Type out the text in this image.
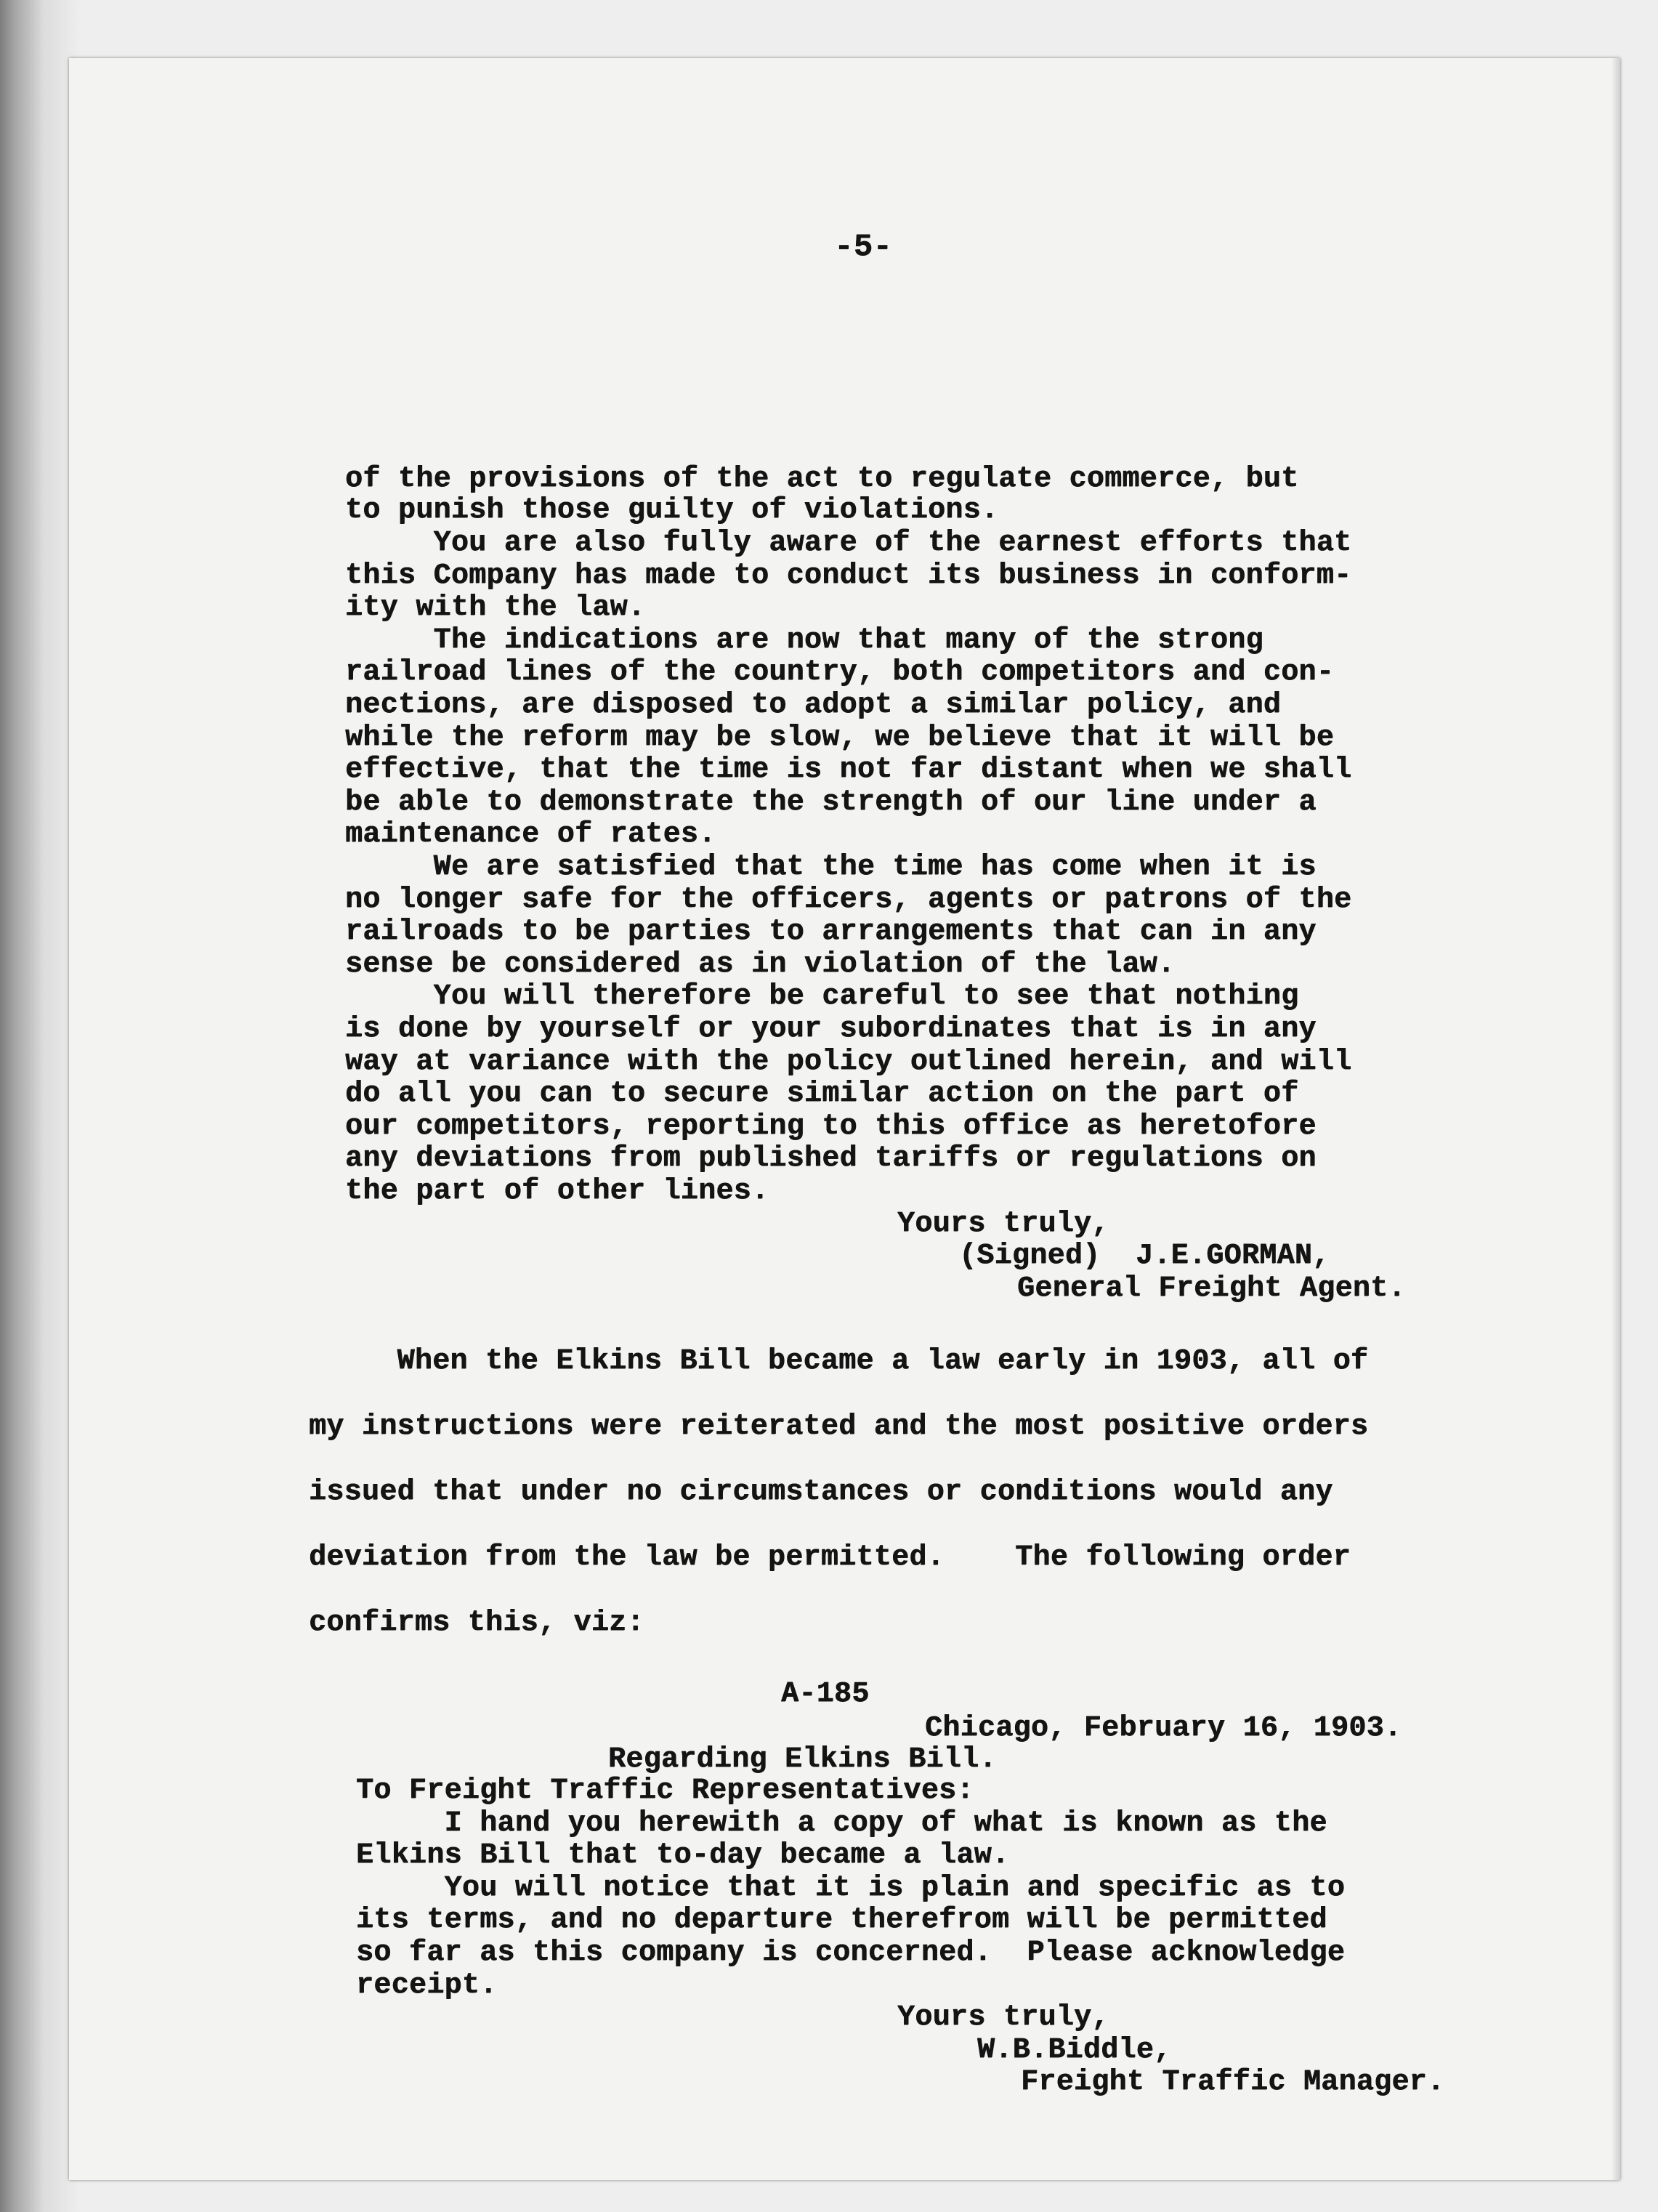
-5-

of the provisions of the act to regulate commerce, but

to punish those guilty of violations.

You are also fully aware of the earnest efforts that

this Company has made to conduct its business in conform-

ity with the law.

The indications are now that many of the strong

railroad lines of the country, both competitors and con-

nections, are disposed to adopt a similar policy, and

while the reform may be slow, we believe that it will be

effective, that the time is not far distant when we shall

be able to demonstrate the strength of our line under a

maintenance of rates.

We are satisfied that the time has come when it is

no longer safe for the officers, agents or patrons of the

railroads to be parties to arrangements that can in any

sense be considered as in violation of the law.

You will therefore be careful to see that nothing

is done by yourself or your subordinates that is in any

way at variance with the policy outlined herein, and will

do all you can to secure similar action on the part of

our competitors, reporting to this office as heretofore

any deviations from published tariffs or regulations on

the part of other lines.

Yours truly,

(Signed)  J.E.GORMAN,

General Freight Agent.

When the Elkins Bill became a law early in 1903, all of

my instructions were reiterated and the most positive orders

issued that under no circumstances or conditions would any

deviation from the law be permitted.    The following order

confirms this, viz:

A-185

Chicago, February 16, 1903.

Regarding Elkins Bill.

To Freight Traffic Representatives:

I hand you herewith a copy of what is known as the

Elkins Bill that to-day became a law.

You will notice that it is plain and specific as to

its terms, and no departure therefrom will be permitted

so far as this company is concerned.  Please acknowledge

receipt.

Yours truly,

W.B.Biddle,

Freight Traffic Manager.
